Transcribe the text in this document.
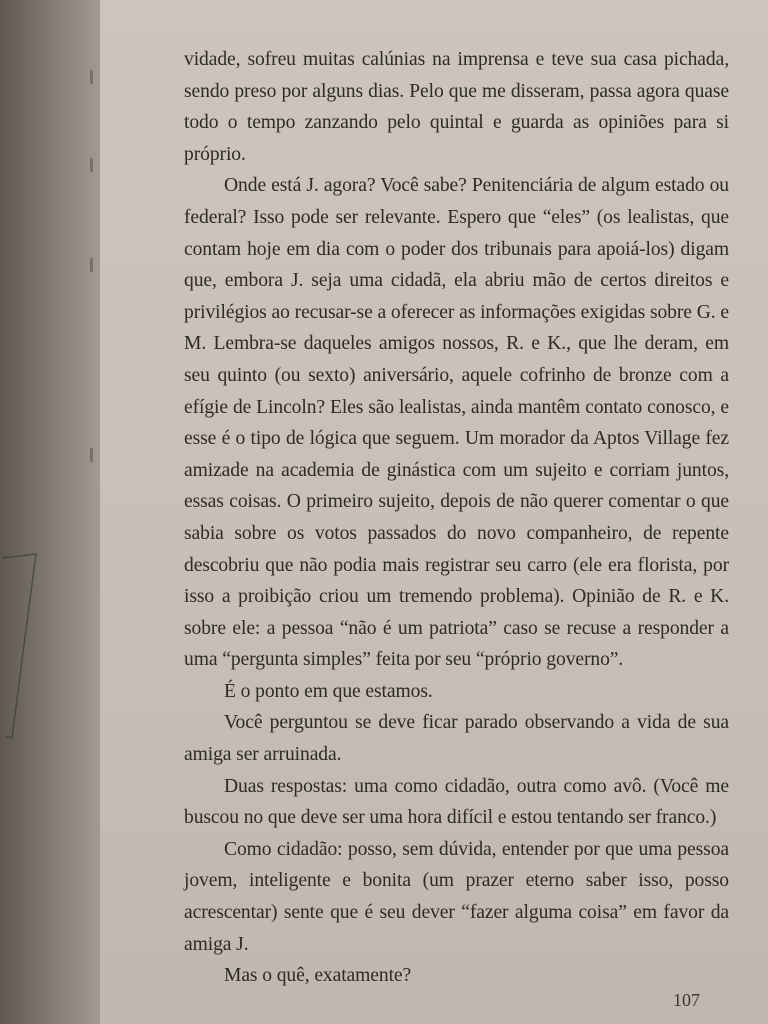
vidade, sofreu muitas calúnias na imprensa e teve sua casa pichada, sendo preso por alguns dias. Pelo que me disseram, passa agora quase todo o tempo zanzando pelo quintal e guarda as opiniões para si próprio.

Onde está J. agora? Você sabe? Penitenciária de algum estado ou federal? Isso pode ser relevante. Espero que “eles” (os lealistas, que contam hoje em dia com o poder dos tribunais para apoiá-los) digam que, embora J. seja uma cidadã, ela abriu mão de certos direitos e privilégios ao recusar-se a oferecer as informações exigidas sobre G. e M. Lembra-se daqueles amigos nossos, R. e K., que lhe deram, em seu quinto (ou sexto) aniversário, aquele cofrinho de bronze com a efígie de Lincoln? Eles são lealistas, ainda mantêm contato conosco, e esse é o tipo de lógica que seguem. Um morador da Aptos Village fez amizade na academia de ginástica com um sujeito e corriam juntos, essas coisas. O primeiro sujeito, depois de não querer comentar o que sabia sobre os votos passados do novo companheiro, de repente descobriu que não podia mais registrar seu carro (ele era florista, por isso a proibição criou um tremendo problema). Opinião de R. e K. sobre ele: a pessoa “não é um patriota” caso se recuse a responder a uma “pergunta simples” feita por seu “próprio governo”.

É o ponto em que estamos.

Você perguntou se deve ficar parado observando a vida de sua amiga ser arruinada.

Duas respostas: uma como cidadão, outra como avô. (Você me buscou no que deve ser uma hora difícil e estou tentando ser franco.)

Como cidadão: posso, sem dúvida, entender por que uma pessoa jovem, inteligente e bonita (um prazer eterno saber isso, posso acrescentar) sente que é seu dever “fazer alguma coisa” em favor da amiga J.

Mas o quê, exatamente?

107
